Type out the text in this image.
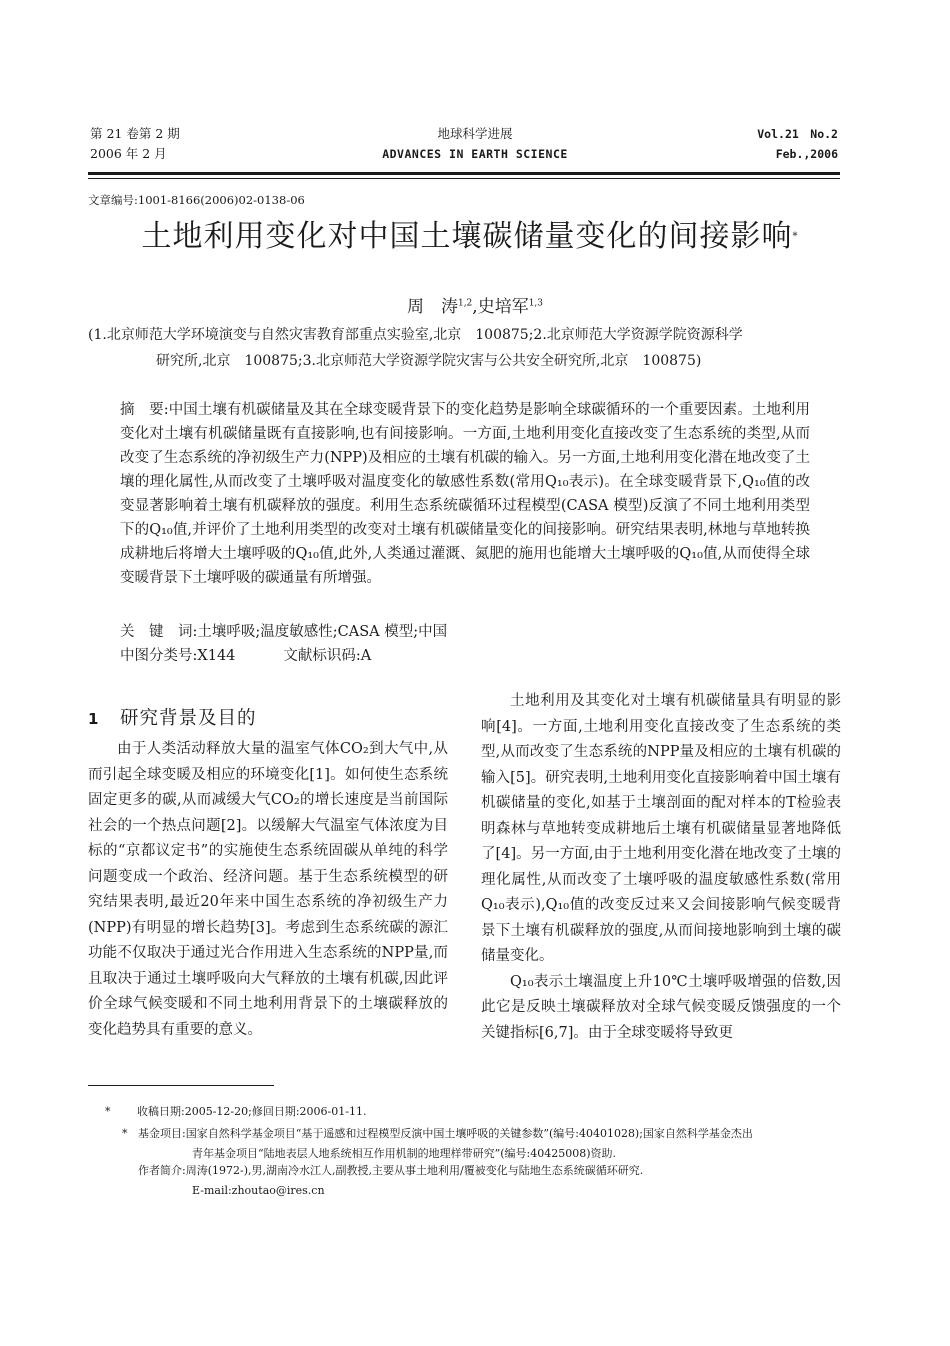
第 21 卷第 2 期
2006 年 2 月
地球科学进展
ADVANCES IN EARTH SCIENCE
Vol.21　No.2
Feb.,2006
文章编号:1001-8166(2006)02-0138-06
土地利用变化对中国土壤碳储量变化的间接影响*
周　涛$^{1,2}$,史培军$^{1,3}$
(1.北京师范大学环境演变与自然灾害教育部重点实验室,北京　100875;2.北京师范大学资源学院资源科学
研究所,北京　100875;3.北京师范大学资源学院灾害与公共安全研究所,北京　100875)

摘　要:中国土壤有机碳储量及其在全球变暖背景下的变化趋势是影响全球碳循环的一个重要因素。土地利用变化对土壤有机碳储量既有直接影响,也有间接影响。一方面,土地利用变化直接改变了生态系统的类型,从而改变了生态系统的净初级生产力(NPP)及相应的土壤有机碳的输入。另一方面,土地利用变化潜在地改变了土壤的理化属性,从而改变了土壤呼吸对温度变化的敏感性系数(常用Q₁₀表示)。在全球变暖背景下,Q₁₀值的改变显著影响着土壤有机碳释放的强度。利用生态系统碳循环过程模型(CASA 模型)反演了不同土地利用类型下的Q₁₀值,并评价了土地利用类型的改变对土壤有机碳储量变化的间接影响。研究结果表明,林地与草地转换成耕地后将增大土壤呼吸的Q₁₀值,此外,人类通过灌溉、氮肥的施用也能增大土壤呼吸的Q₁₀值,从而使得全球变暖背景下土壤呼吸的碳通量有所增强。

关　键　词:土壤呼吸;温度敏感性;CASA 模型;中国

中图分类号:X144	文献标识码:A

1 研究背景及目的

由于人类活动释放大量的温室气体CO₂到大气中,从而引起全球变暖及相应的环境变化[1]。如何使生态系统固定更多的碳,从而减缓大气CO₂的增长速度是当前国际社会的一个热点问题[2]。以缓解大气温室气体浓度为目标的“京都议定书”的实施使生态系统固碳从单纯的科学问题变成一个政治、经济问题。基于生态系统模型的研究结果表明,最近20年来中国生态系统的净初级生产力(NPP)有明显的增长趋势[3]。考虑到生态系统碳的源汇功能不仅取决于通过光合作用进入生态系统的NPP量,而且取决于通过土壤呼吸向大气释放的土壤有机碳,因此评价全球气候变暖和不同土地利用背景下的土壤碳释放的变化趋势具有重要的意义。

土地利用及其变化对土壤有机碳储量具有明显的影响[4]。一方面,土地利用变化直接改变了生态系统的类型,从而改变了生态系统的NPP量及相应的土壤有机碳的输入[5]。研究表明,土地利用变化直接影响着中国土壤有机碳储量的变化,如基于土壤剖面的配对样本的T检验表明森林与草地转变成耕地后土壤有机碳储量显著地降低了[4]。另一方面,由于土地利用变化潜在地改变了土壤的理化属性,从而改变了土壤呼吸的温度敏感性系数(常用Q₁₀表示),Q₁₀值的改变反过来又会间接影响气候变暖背景下土壤有机碳释放的强度,从而间接地影响到土壤的碳储量变化。

Q₁₀表示土壤温度上升10℃土壤呼吸增强的倍数,因此它是反映土壤碳释放对全球气候变暖反馈强度的一个关键指标[6,7]。由于全球变暖将导致更

* 收稿日期:2005-12-20;修回日期:2006-01-11.
* 基金项目:国家自然科学基金项目“基于遥感和过程模型反演中国土壤呼吸的关键参数”(编号:40401028);国家自然科学基金杰出
青年基金项目“陆地表层人地系统相互作用机制的地理样带研究”(编号:40425008)资助.
作者简介:周涛(1972-),男,湖南冷水江人,副教授,主要从事土地利用/覆被变化与陆地生态系统碳循环研究.
E-mail:zhoutao@ires.cn
